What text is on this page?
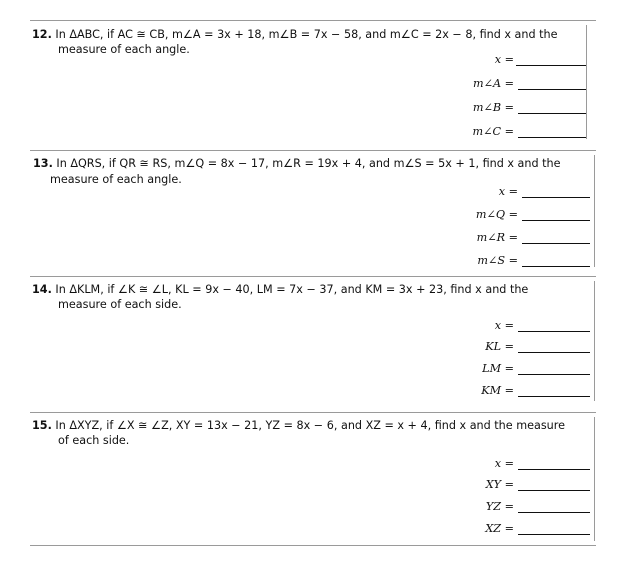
12. In ΔABC, if AC ≅ CB, m∠A = 3x + 18, m∠B = 7x − 58, and m∠C = 2x − 8, find x and the
measure of each angle.
x =
m∠A =
m∠B =
m∠C =
13. In ΔQRS, if QR ≅ RS, m∠Q = 8x − 17, m∠R = 19x + 4, and m∠S = 5x + 1, find x and the
measure of each angle.
x =
m∠Q =
m∠R =
m∠S =
14. In ΔKLM, if ∠K ≅ ∠L, KL = 9x − 40, LM = 7x − 37, and KM = 3x + 23, find x and the
measure of each side.
x =
KL =
LM =
KM =
15. In ΔXYZ, if ∠X ≅ ∠Z, XY = 13x − 21, YZ = 8x − 6, and XZ = x + 4, find x and the measure
of each side.
x =
XY =
YZ =
XZ =
